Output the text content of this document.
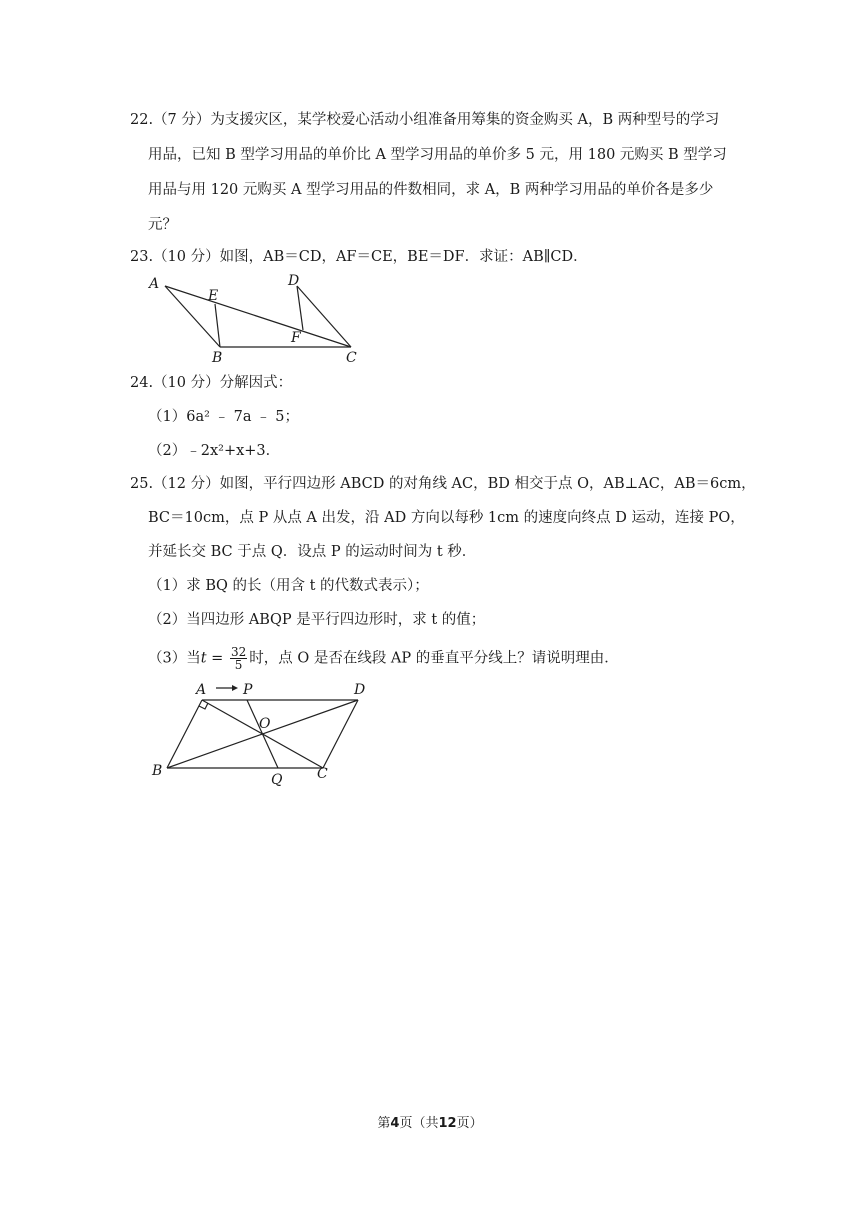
22.（7 分）为支援灾区，某学校爱心活动小组准备用筹集的资金购买 A，B 两种型号的学习
用品，已知 B 型学习用品的单价比 A 型学习用品的单价多 5 元，用 180 元购买 B 型学习
用品与用 120 元购买 A 型学习用品的件数相同，求 A，B 两种学习用品的单价各是多少
元？
23.（10 分）如图，AB＝CD，AF＝CE，BE＝DF．求证：AB∥CD．
A
E
D
F
B	C
24.（10 分）分解因式：
（1）6a² ﹣ 7a ﹣ 5；
（2）﹣2x²+x+3．
25.（12 分）如图，平行四边形 ABCD 的对角线 AC，BD 相交于点 O，AB⊥AC，AB＝6cm，
BC＝10cm，点 P 从点 A 出发，沿 AD 方向以每秒 1cm 的速度向终点 D 运动，连接 PO，
并延长交 BC 于点 Q．设点 P 的运动时间为 t 秒．
（1）求 BQ 的长（用含 t 的代数式表示）；
（2）当四边形 ABQP 是平行四边形时，求 t 的值；
（3）当$t = \frac{32}{5}$ 时，点 O 是否在线段 AP 的垂直平分线上？请说明理由．
A	P	D
O
B
Q C
第4页（共12页）
